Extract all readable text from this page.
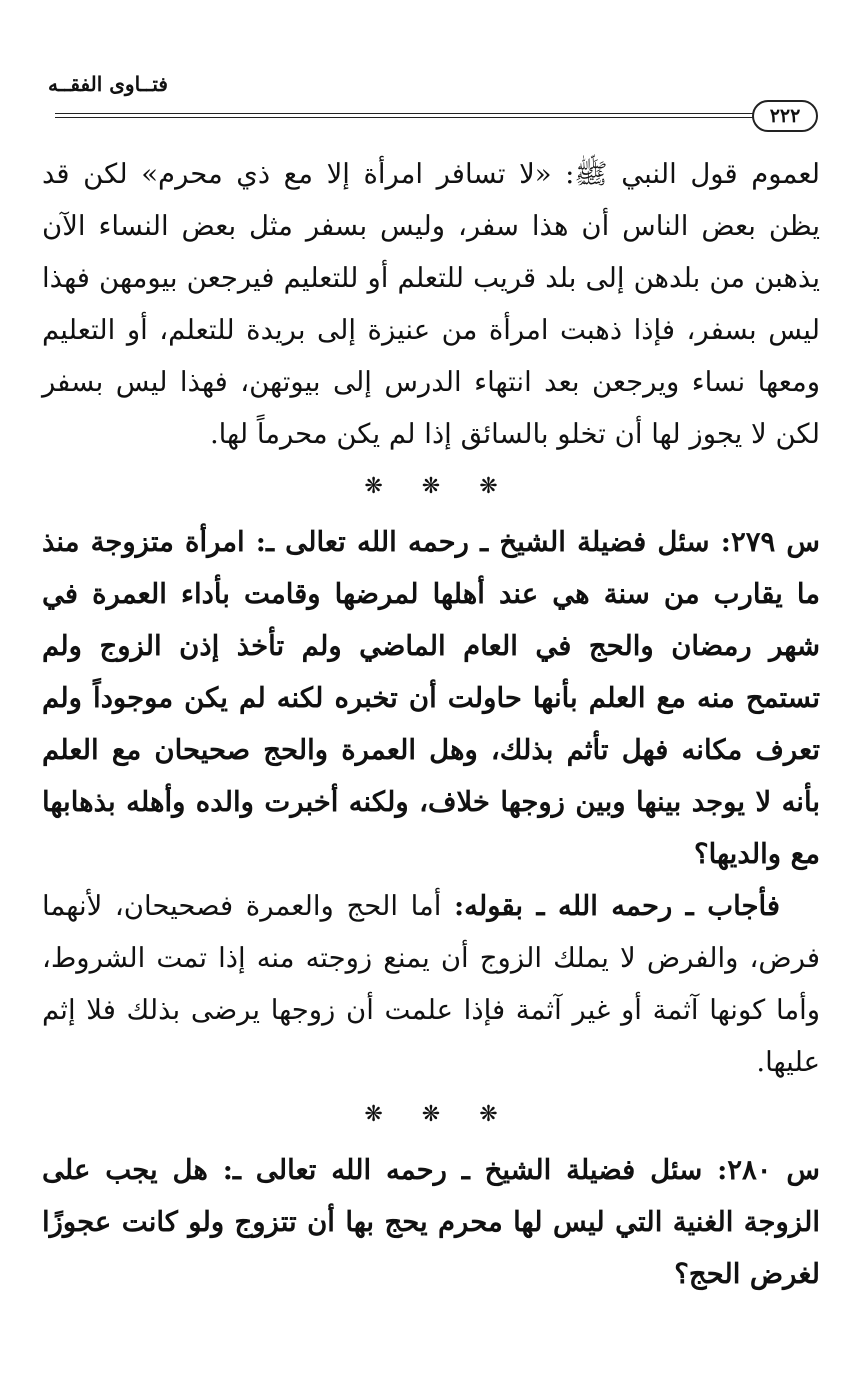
فتــاوى الفقــه
٢٢٢

لعموم قول النبي ﷺ: «لا تسافر امرأة إلا مع ذي محرم» لكن قد يظن بعض الناس أن هذا سفر، وليس بسفر مثل بعض النساء الآن يذهبن من بلدهن إلى بلد قريب للتعلم أو للتعليم فيرجعن بيومهن فهذا ليس بسفر، فإذا ذهبت امرأة من عنيزة إلى بريدة للتعلم، أو التعليم ومعها نساء ويرجعن بعد انتهاء الدرس إلى بيوتهن، فهذا ليس بسفر لكن لا يجوز لها أن تخلو بالسائق إذا لم يكن محرماً لها.

❋ ❋ ❋

س ٢٧٩: سئل فضيلة الشيخ ـ رحمه الله تعالى ـ: امرأة متزوجة منذ ما يقارب من سنة هي عند أهلها لمرضها وقامت بأداء العمرة في شهر رمضان والحج في العام الماضي ولم تأخذ إذن الزوج ولم تستمح منه مع العلم بأنها حاولت أن تخبره لكنه لم يكن موجوداً ولم تعرف مكانه فهل تأثم بذلك، وهل العمرة والحج صحيحان مع العلم بأنه لا يوجد بينها وبين زوجها خلاف، ولكنه أخبرت والده وأهله بذهابها مع والديها؟

فأجاب ـ رحمه الله ـ بقوله: أما الحج والعمرة فصحيحان، لأنهما فرض، والفرض لا يملك الزوج أن يمنع زوجته منه إذا تمت الشروط، وأما كونها آثمة أو غير آثمة فإذا علمت أن زوجها يرضى بذلك فلا إثم عليها.

❋ ❋ ❋

س ٢٨٠: سئل فضيلة الشيخ ـ رحمه الله تعالى ـ: هل يجب على الزوجة الغنية التي ليس لها محرم يحج بها أن تتزوج ولو كانت عجوزًا لغرض الحج؟
